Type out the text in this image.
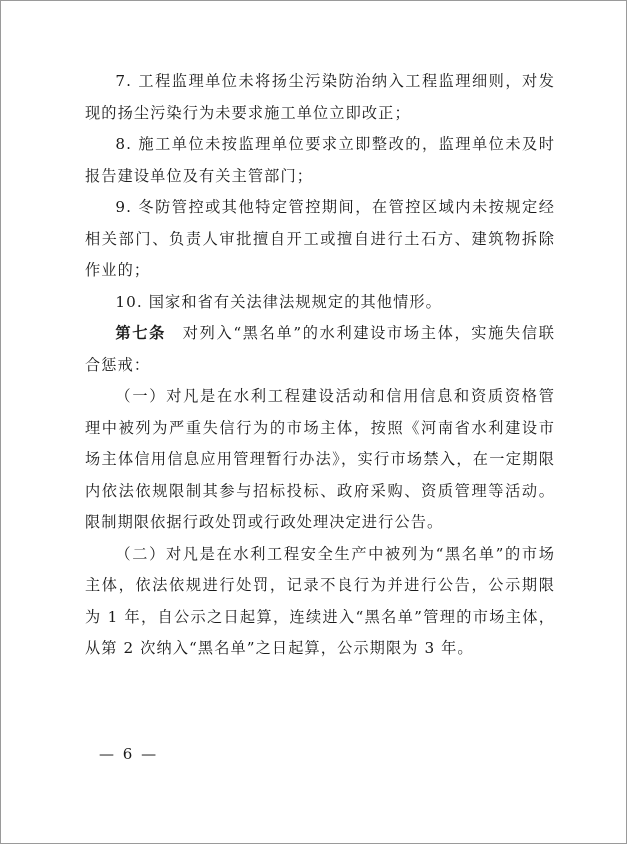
7. 工程监理单位未将扬尘污染防治纳入工程监理细则，对发现的扬尘污染行为未要求施工单位立即改正；

8. 施工单位未按监理单位要求立即整改的，监理单位未及时报告建设单位及有关主管部门；

9. 冬防管控或其他特定管控期间，在管控区域内未按规定经相关部门、负责人审批擅自开工或擅自进行土石方、建筑物拆除作业的；

10. 国家和省有关法律法规规定的其他情形。

第七条　对列入“黑名单”的水利建设市场主体，实施失信联合惩戒：

（一）对凡是在水利工程建设活动和信用信息和资质资格管理中被列为严重失信行为的市场主体，按照《河南省水利建设市场主体信用信息应用管理暂行办法》，实行市场禁入，在一定期限内依法依规限制其参与招标投标、政府采购、资质管理等活动。限制期限依据行政处罚或行政处理决定进行公告。

（二）对凡是在水利工程安全生产中被列为“黑名单”的市场主体，依法依规进行处罚，记录不良行为并进行公告，公示期限为 1 年，自公示之日起算，连续进入“黑名单”管理的市场主体，从第 2 次纳入“黑名单”之日起算，公示期限为 3 年。

— 6 —
